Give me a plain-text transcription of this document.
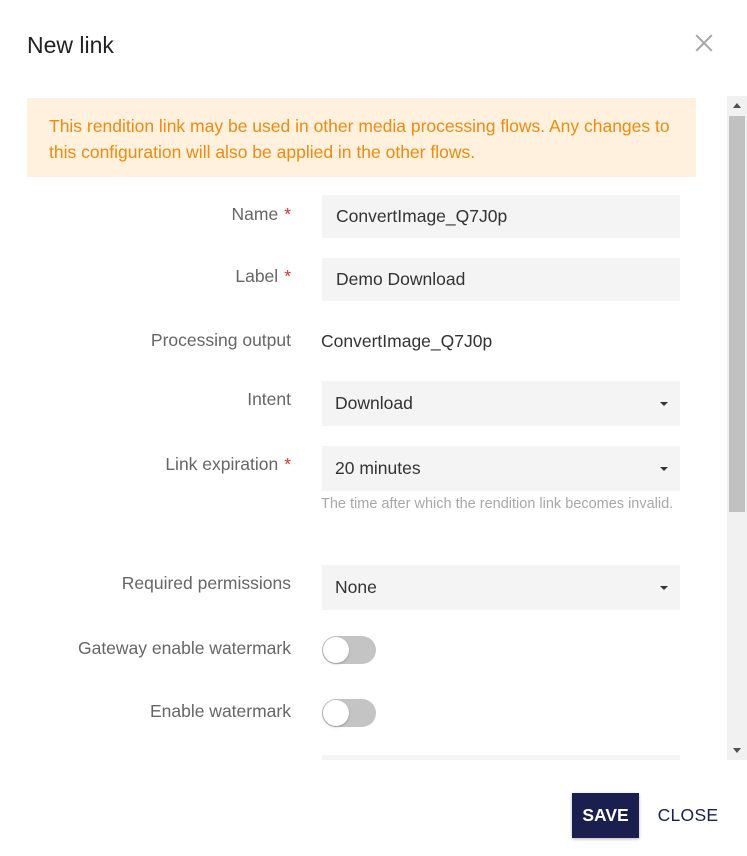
New link
This rendition link may be used in other media processing flows. Any changes to this configuration will also be applied in the other flows.
Name *	ConvertImage_Q7J0p
Label *	Demo Download
Processing output ConvertImage_Q7J0p
Intent	Download
Link expiration *	20 minutes
The time after which the rendition link becomes invalid.
Required permissions	None
Gateway enable watermark
Enable watermark
SAVE	CLOSE
